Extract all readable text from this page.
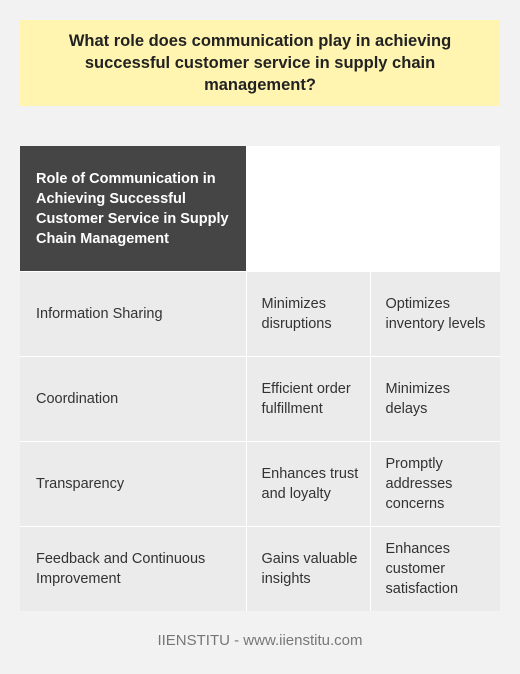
What role does communication play in achieving successful customer service in supply chain management?
Role of Communication in Achieving Successful Customer Service in Supply Chain Management		
Information Sharing	Minimizes disruptions	Optimizes inventory levels
Coordination	Efficient order fulfillment	Minimizes delays
Transparency	Enhances trust and loyalty	Promptly addresses concerns
Feedback and Continuous Improvement	Gains valuable insights	Enhances customer satisfaction
IIENSTITU - www.iienstitu.com
